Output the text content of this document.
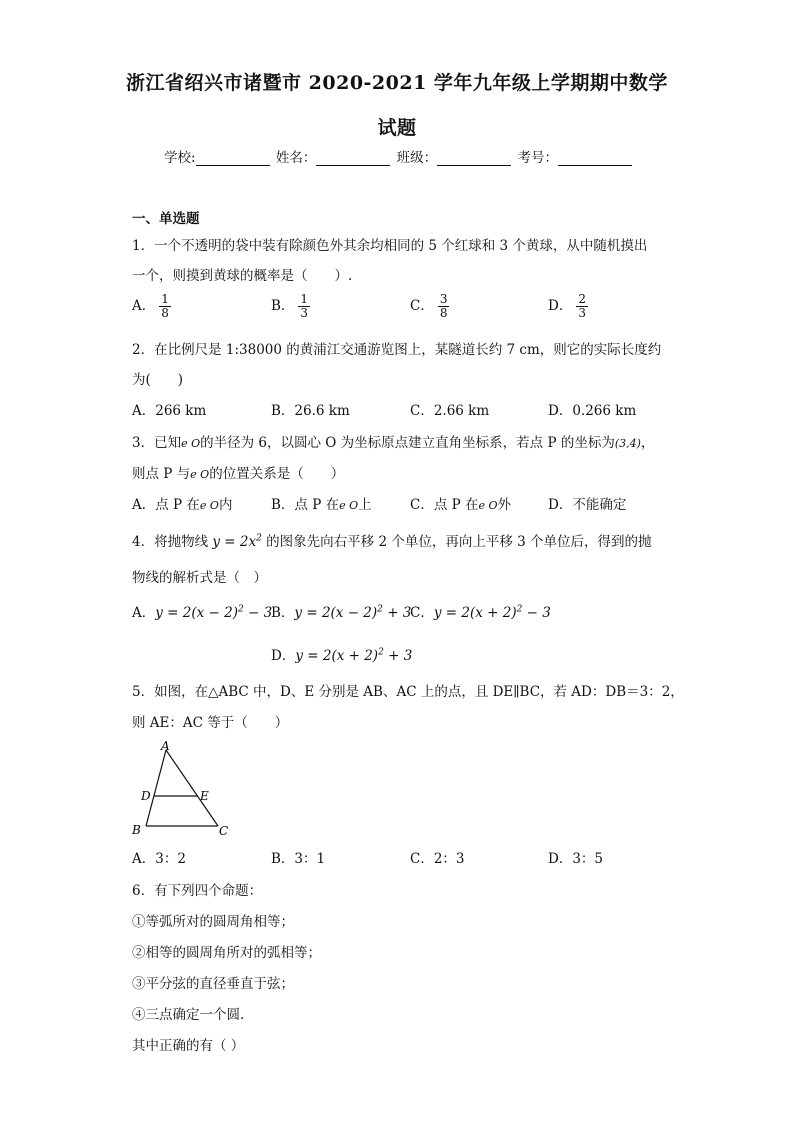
浙江省绍兴市诸暨市 2020-2021 学年九年级上学期期中数学
试题
学校:	姓名：	班级：	考号：
一、单选题
1．一个不透明的袋中装有除颜色外其余均相同的 5 个红球和 3 个黄球，从中随机摸出
一个，则摸到黄球的概率是（　　）.
A． $\frac{1}{8}$	B． $\frac{1}{3}$	C． $\frac{3}{8}$	D． $\frac{2}{3}$
2．在比例尺是 1:38000 的黄浦江交通游览图上，某隧道长约 7 cm，则它的实际长度约
为(　　)
A．266 km	B．26.6 km	C．2.66 km	D．0.266 km
3．已知e O的半径为 6，以圆心 O 为坐标原点建立直角坐标系，若点 P 的坐标为(3,4)，
则点 P 与e O的位置关系是（　　）
A．点 P 在e O内	B．点 P 在e O上	C．点 P 在e O外	D．不能确定
4．将抛物线 $y = 2x^2$ 的图象先向右平移 2 个单位，再向上平移 3 个单位后，得到的抛
物线的解析式是（　）
A．$y = 2(x - 2)^2 - 3$
B．$y = 2(x - 2)^2 + 3$
C．$y = 2(x + 2)^2 - 3$
D．$y = 2(x + 2)^2 + 3$
5．如图，在△ABC 中，D、E 分别是 AB、AC 上的点，且 DE∥BC，若 AD：DB＝3：2，
则 AE：AC 等于（　　）
A
D	E
B	C
A．3：2	B．3：1	C．2：3	D．3：5
6．有下列四个命题：
①等弧所对的圆周角相等；
②相等的圆周角所对的弧相等；
③平分弦的直径垂直于弦；
④三点确定一个圆.
其中正确的有（ ）
